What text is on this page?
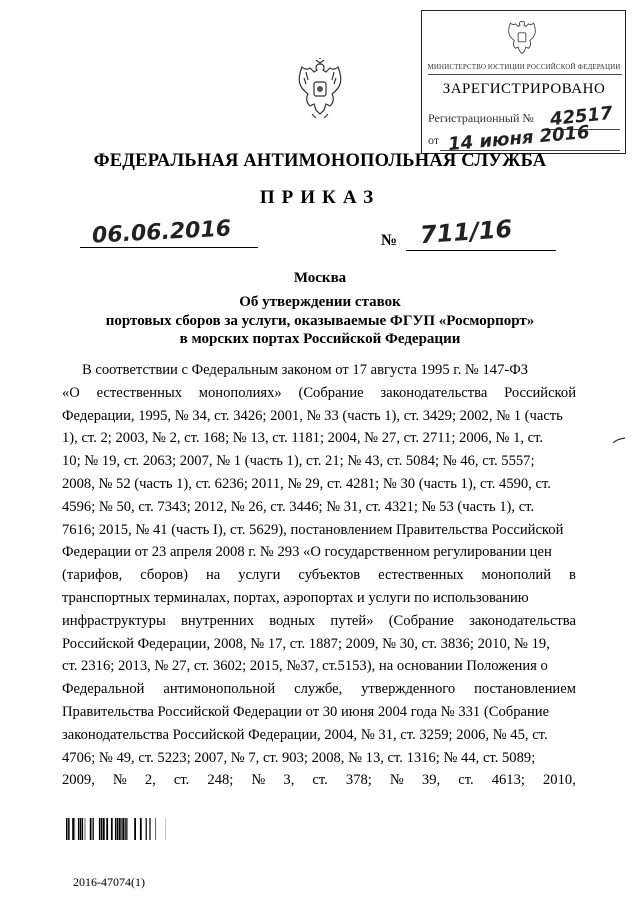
МИНИСТЕРСТВО ЮСТИЦИИ РОССИЙСКОЙ ФЕДЕРАЦИИ
ЗАРЕГИСТРИРОВАНО
Регистрационный № 42517
от 14 июня 2016
ФЕДЕРАЛЬНАЯ АНТИМОНОПОЛЬНАЯ СЛУЖБА
ПРИКАЗ
06.06.2016	№ 711/16
Москва
Об утверждении ставок
портовых сборов за услуги, оказываемые ФГУП «Росморпорт»
в морских портах Российской Федерации
В соответствии с Федеральным законом от 17 августа 1995 г. № 147-ФЗ
«О естественных монополиях» (Собрание законодательства Российской
Федерации, 1995, № 34, ст. 3426; 2001, № 33 (часть 1), ст. 3429; 2002, № 1 (часть
1), ст. 2; 2003, № 2, ст. 168; № 13, ст. 1181; 2004, № 27, ст. 2711; 2006, № 1, ст.
10; № 19, ст. 2063; 2007, № 1 (часть 1), ст. 21; № 43, ст. 5084; № 46, ст. 5557;
2008, № 52 (часть 1), ст. 6236; 2011, № 29, ст. 4281; № 30 (часть 1), ст. 4590, ст.
4596; № 50, ст. 7343; 2012, № 26, ст. 3446; № 31, ст. 4321; № 53 (часть 1), ст.
7616; 2015, № 41 (часть I), ст. 5629), постановлением Правительства Российской
Федерации от 23 апреля 2008 г. № 293 «О государственном регулировании цен
(тарифов, сборов) на услуги субъектов естественных монополий в
транспортных терминалах, портах, аэропортах и услуги по использованию
инфраструктуры внутренних водных путей» (Собрание законодательства
Российской Федерации, 2008, № 17, ст. 1887; 2009, № 30, ст. 3836; 2010, № 19,
ст. 2316; 2013, № 27, ст. 3602; 2015, №37, ст.5153), на основании Положения о
Федеральной антимонопольной службе, утвержденного постановлением
Правительства Российской Федерации от 30 июня 2004 года № 331 (Собрание
законодательства Российской Федерации, 2004, № 31, ст. 3259; 2006, № 45, ст.
4706; № 49, ст. 5223; 2007, № 7, ст. 903; 2008, № 13, ст. 1316; № 44, ст. 5089;
2009, № 2, ст. 248; № 3, ст. 378; № 39, ст. 4613; 2010,
2016-47074(1)
